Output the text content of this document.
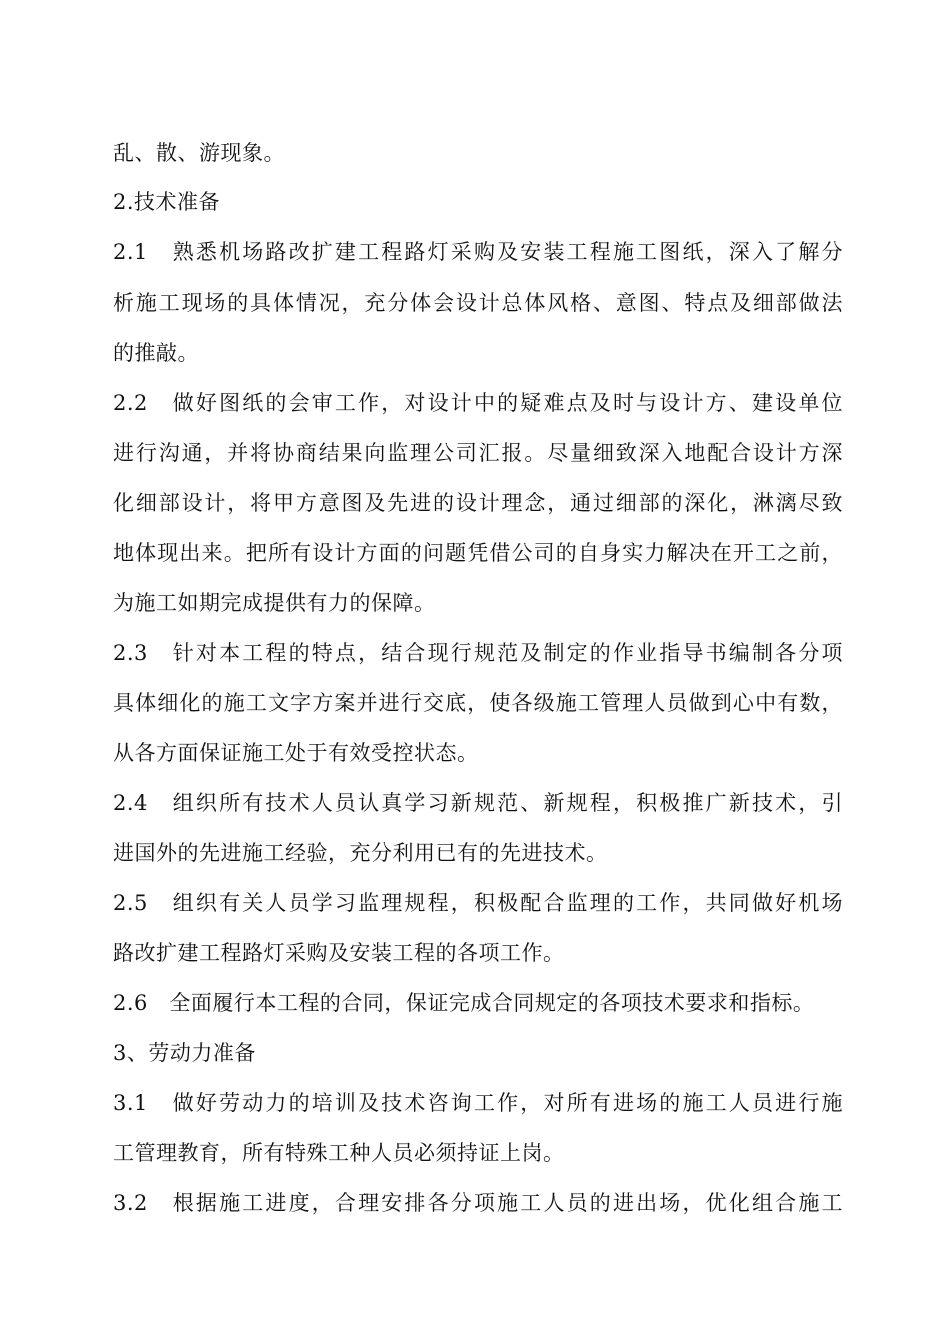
乱、散、游现象。
2.技术准备
2.1　熟悉机场路改扩建工程路灯采购及安装工程施工图纸，深入了解分
析施工现场的具体情况，充分体会设计总体风格、意图、特点及细部做法
的推敲。
2.2　做好图纸的会审工作，对设计中的疑难点及时与设计方、建设单位
进行沟通，并将协商结果向监理公司汇报。尽量细致深入地配合设计方深
化细部设计，将甲方意图及先进的设计理念，通过细部的深化，淋漓尽致
地体现出来。把所有设计方面的问题凭借公司的自身实力解决在开工之前，
为施工如期完成提供有力的保障。
2.3　针对本工程的特点，结合现行规范及制定的作业指导书编制各分项
具体细化的施工文字方案并进行交底，使各级施工管理人员做到心中有数，
从各方面保证施工处于有效受控状态。
2.4　组织所有技术人员认真学习新规范、新规程，积极推广新技术，引
进国外的先进施工经验，充分利用已有的先进技术。
2.5　组织有关人员学习监理规程，积极配合监理的工作，共同做好机场
路改扩建工程路灯采购及安装工程的各项工作。
2.6　全面履行本工程的合同，保证完成合同规定的各项技术要求和指标。
3、劳动力准备
3.1　做好劳动力的培训及技术咨询工作，对所有进场的施工人员进行施
工管理教育，所有特殊工种人员必须持证上岗。
3.2　根据施工进度，合理安排各分项施工人员的进出场，优化组合施工
